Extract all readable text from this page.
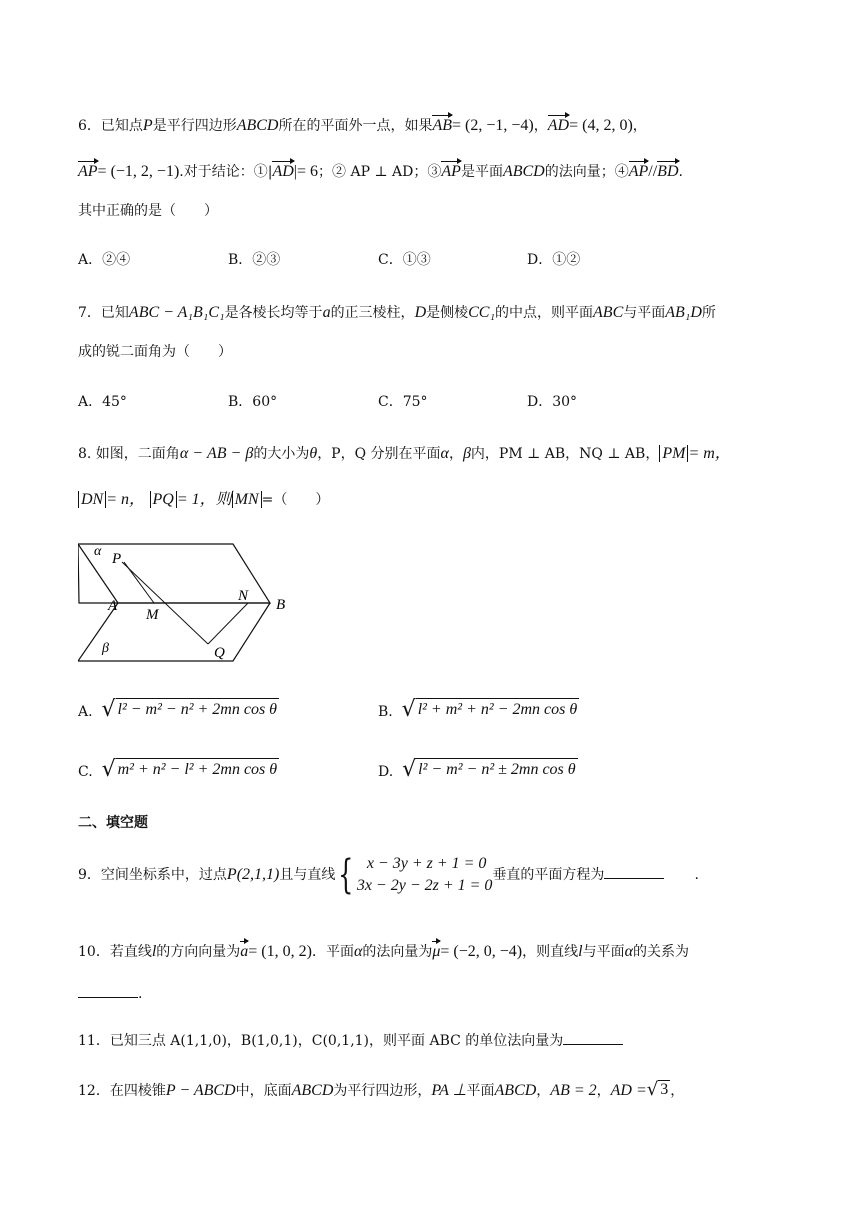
6．已知点P是平行四边形ABCD所在的平面外一点，如果AB= (2, −1, −4)，AD= (4, 2, 0)，
AP= (−1, 2, −1).对于结论：①|AD|= 6；② AP ⊥ AD；③AP是平面ABCD的法向量；④AP//BD.
其中正确的是（　　）
A．②④	B．②③	C．①③	D．①②
7．已知ABC − A₁B₁C₁是各棱长均等于a的正三棱柱，D是侧棱CC₁的中点，则平面ABC与平面AB₁D所
成的锐二面角为（　　）
A．45°	B．60°	C．75°	D．30°
8. 如图，二面角α − AB − β的大小为θ，P，Q 分别在平面α，β内，PM ⊥ AB，NQ ⊥ AB， PM = m，
DN = n， PQ = 1，则 MN =（　　）
α P
A
M
N
B
β	Q
A. √ l² − m² − n² + 2mn cos θ	B. √ l² + m² + n² − 2mn cos θ
C. √ m² + n² − l² + 2mn cos θ	D. √ l² − m² − n² ± 2mn cos θ
二、填空题
9．空间坐标系中，过点P(2,1,1)且与直线 { x − 3y + z + 1 = 0
3x − 2y − 2z + 1 = 0
垂直的平面方程为	.
10．若直线l的方向向量为a= (1, 0, 2)．平面α的法向量为μ= (−2, 0, −4)，则直线l与平面α的关系为
.
11．已知三点 A(1,1,0)，B(1,0,1)，C(0,1,1)，则平面 ABC 的单位法向量为
12．在四棱锥P − ABCD中，底面ABCD为平行四边形，PA ⊥平面ABCD，AB = 2，AD = √ 3 ，
